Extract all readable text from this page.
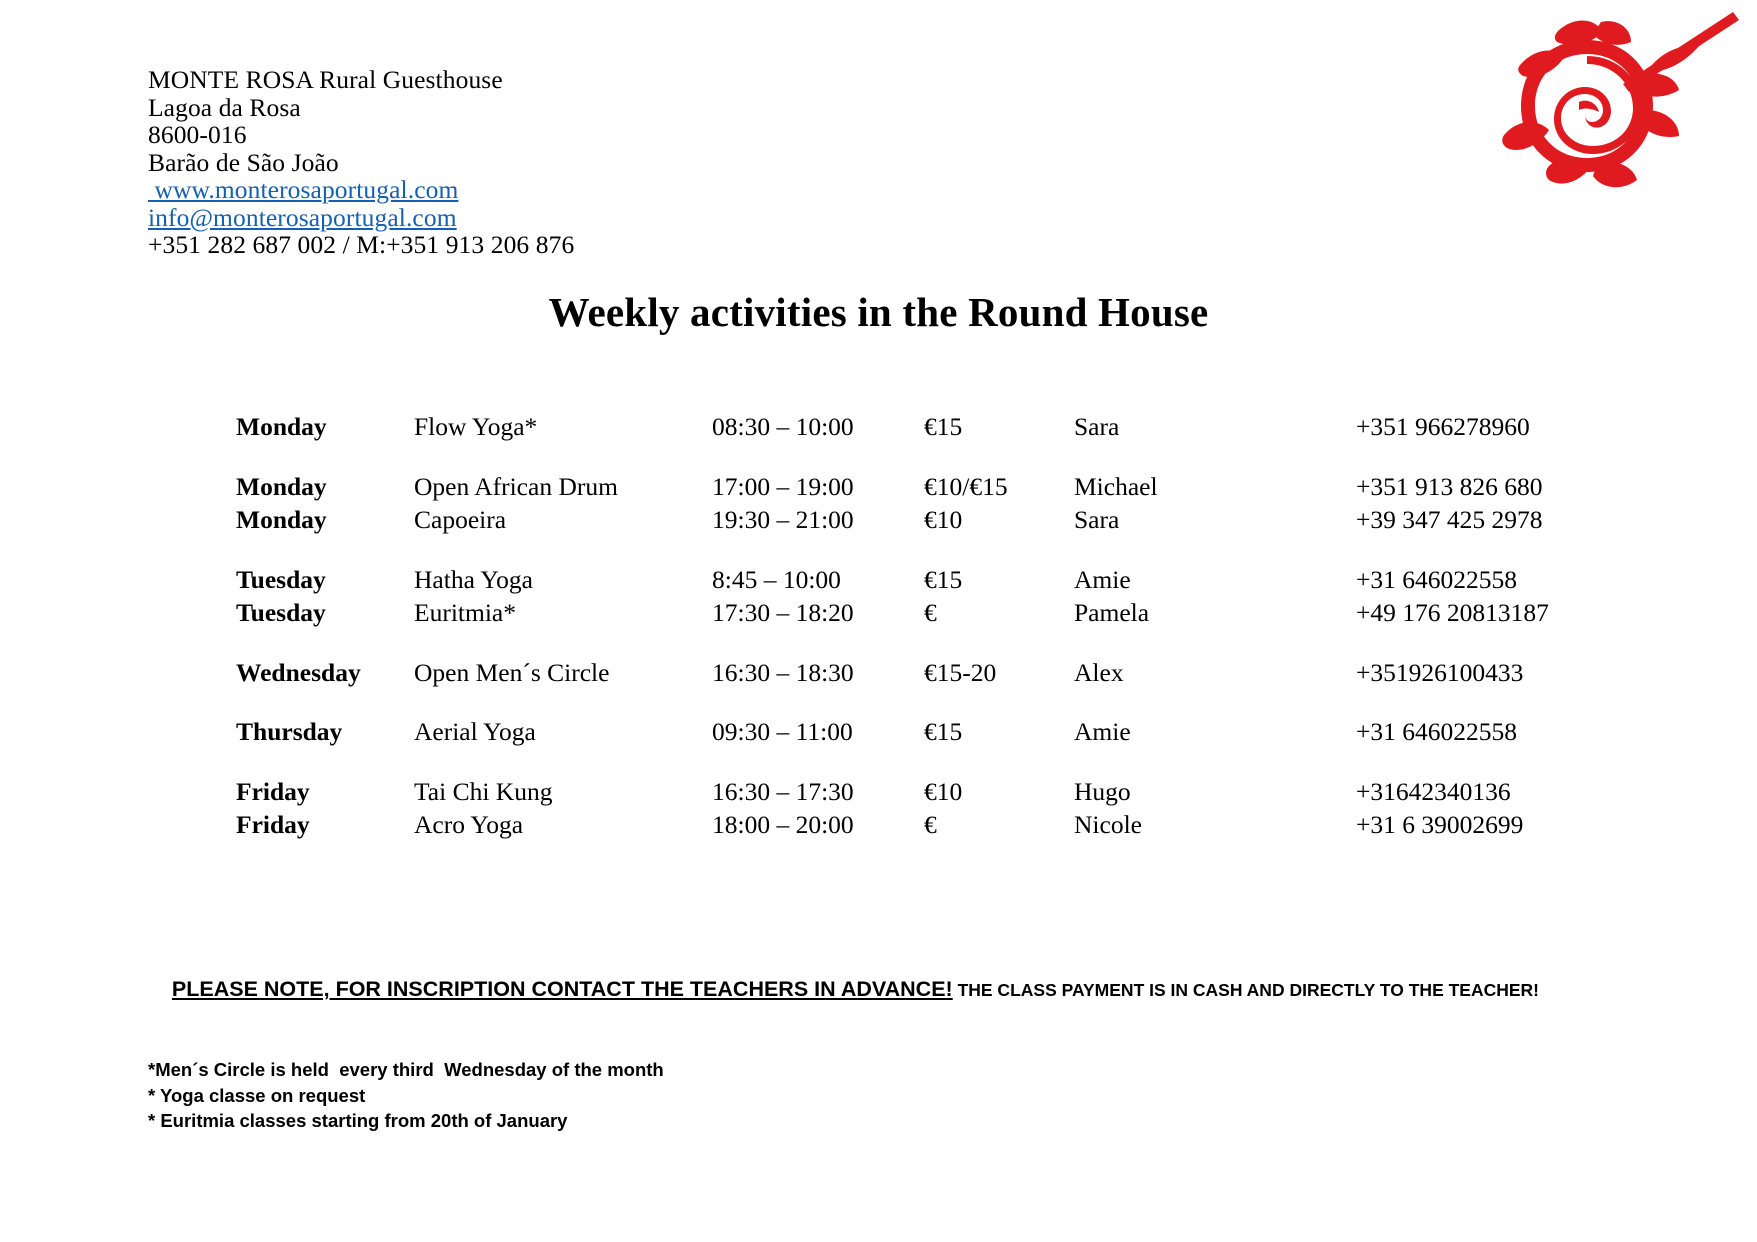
MONTE ROSA Rural Guesthouse
Lagoa da Rosa
8600-016
Barão de São João
www.monterosaportugal.com
info@monterosaportugal.com
+351 282 687 002 / M:+351 913 206 876
Weekly activities in the Round House
Monday	Flow Yoga*	08:30 – 10:00	€15	Sara	+351 966278960

Monday	Open African Drum	17:00 – 19:00	€10/€15	Michael	+351 913 826 680
Monday	Capoeira	19:30 – 21:00	€10	Sara	+39 347 425 2978

Tuesday	Hatha Yoga	8:45 – 10:00	€15	Amie	+31 646022558
Tuesday	Euritmia*	17:30 – 18:20	€	Pamela	+49 176 20813187

Wednesday	Open Men´s Circle	16:30 – 18:30	€15-20	Alex	+351926100433

Thursday	Aerial Yoga	09:30 – 11:00	€15	Amie	+31 646022558

Friday	Tai Chi Kung	16:30 – 17:30	€10	Hugo	+31642340136
Friday	Acro Yoga	18:00 – 20:00	€	Nicole	+31 6 39002699

PLEASE NOTE, FOR INSCRIPTION CONTACT THE TEACHERS IN ADVANCE! THE CLASS PAYMENT IS IN CASH AND DIRECTLY TO THE TEACHER!

*Men´s Circle is held  every third  Wednesday of the month
* Yoga classe on request
* Euritmia classes starting from 20th of January
